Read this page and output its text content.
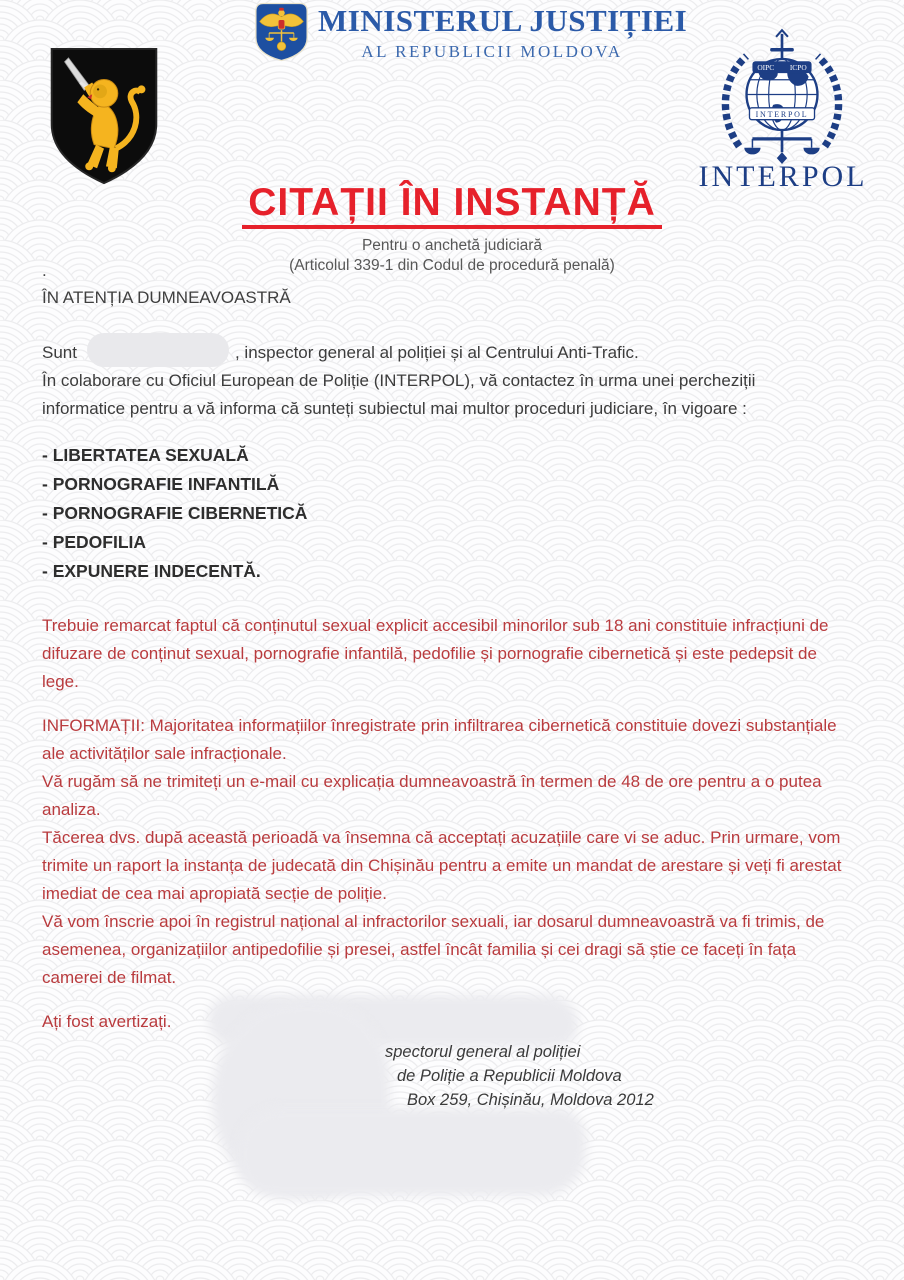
MINISTERUL JUSTIȚIEI
AL REPUBLICII MOLDOVA
OIPC	ICPO
INTERPOL
INTERPOL
CITAȚII ÎN INSTANȚĂ
Pentru o anchetă judiciară
(Articolul 339-1 din Codul de procedură penală)
.
ÎN ATENȚIA DUMNEAVOASTRĂ
Sunt	, inspector general al poliției și al Centrului Anti-Trafic.
În colaborare cu Oficiul European de Poliție (INTERPOL), vă contactez în urma unei percheziții informatice pentru a vă informa că sunteți subiectul mai multor proceduri judiciare, în vigoare :
- LIBERTATEA SEXUALĂ
- PORNOGRAFIE INFANTILĂ
- PORNOGRAFIE CIBERNETICĂ
- PEDOFILIA
- EXPUNERE INDECENTĂ.
Trebuie remarcat faptul că conținutul sexual explicit accesibil minorilor sub 18 ani constituie infracțiuni de difuzare de conținut sexual, pornografie infantilă, pedofilie și pornografie cibernetică și este pedepsit de lege.
INFORMAȚII: Majoritatea informațiilor înregistrate prin infiltrarea cibernetică constituie dovezi substanțiale ale activităților sale infracționale.
Vă rugăm să ne trimiteți un e-mail cu explicația dumneavoastră în termen de 48 de ore pentru a o putea analiza.
Tăcerea dvs. după această perioadă va însemna că acceptați acuzațiile care vi se aduc. Prin urmare, vom trimite un raport la instanța de judecată din Chișinău pentru a emite un mandat de arestare și veți fi arestat imediat de cea mai apropiată secție de poliție.
Vă vom înscrie apoi în registrul național al infractorilor sexuali, iar dosarul dumneavoastră va fi trimis, de asemenea, organizațiilor antipedofilie și presei, astfel încât familia și cei dragi să știe ce faceți în fața camerei de filmat.
Ați fost avertizați.
spectorul general al poliției
de Poliție a Republicii Moldova
Box 259, Chișinău, Moldova 2012
